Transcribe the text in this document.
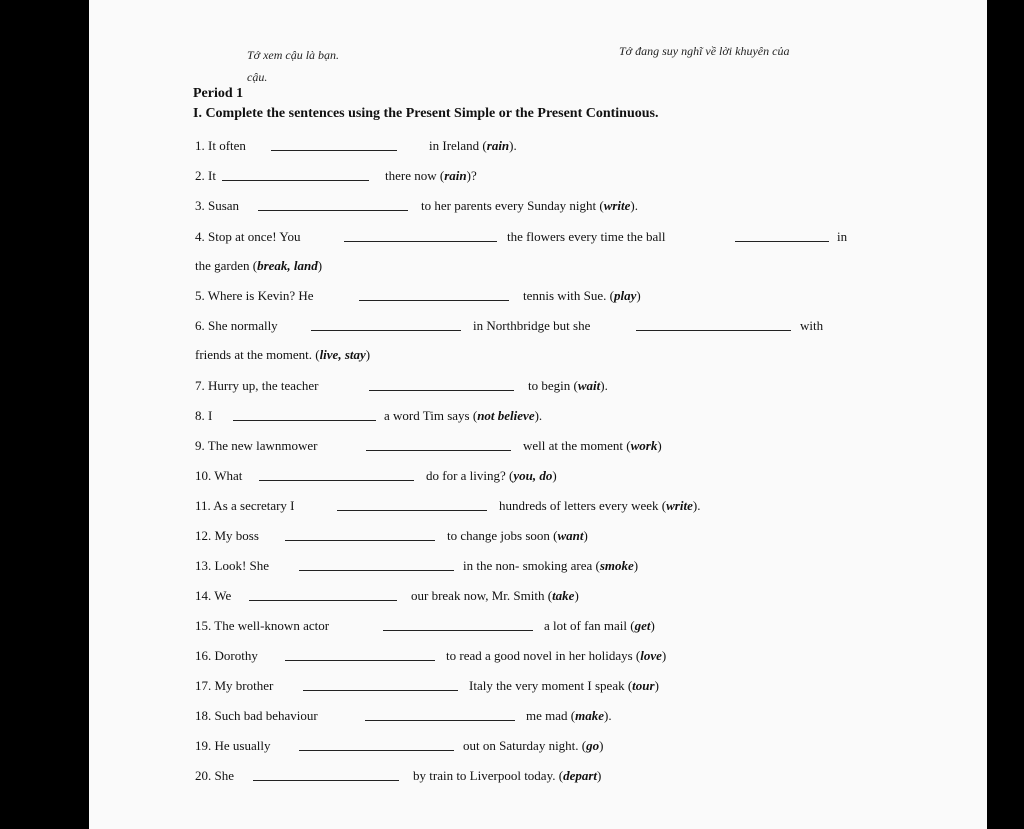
Tớ xem cậu là bạn.
cậu.
Tớ đang suy nghĩ về lời khuyên của
Period 1
I. Complete the sentences using the Present Simple or the Present Continuous.
1. It often	in Ireland (rain).
2. It	there now (rain)?
3. Susan	to her parents every Sunday night (write).
4. Stop at once! You	the flowers every time the ball	in
the garden (break, land)
5. Where is Kevin? He	tennis with Sue. (play)
6. She normally	in Northbridge but she	with
friends at the moment. (live, stay)
7. Hurry up, the teacher	to begin (wait).
8. I	a word Tim says (not believe).
9. The new lawnmower	well at the moment (work)
10. What	do for a living? (you, do)
11. As a secretary I	hundreds of letters every week (write).
12. My boss	to change jobs soon (want)
13. Look! She	in the non- smoking area (smoke)
14. We	our break now, Mr. Smith (take)
15. The well-known actor	a lot of fan mail (get)
16. Dorothy	to read a good novel in her holidays (love)
17. My brother	Italy the very moment I speak (tour)
18. Such bad behaviour	me mad (make).
19. He usually	out on Saturday night. (go)
20. She	by train to Liverpool today. (depart)
